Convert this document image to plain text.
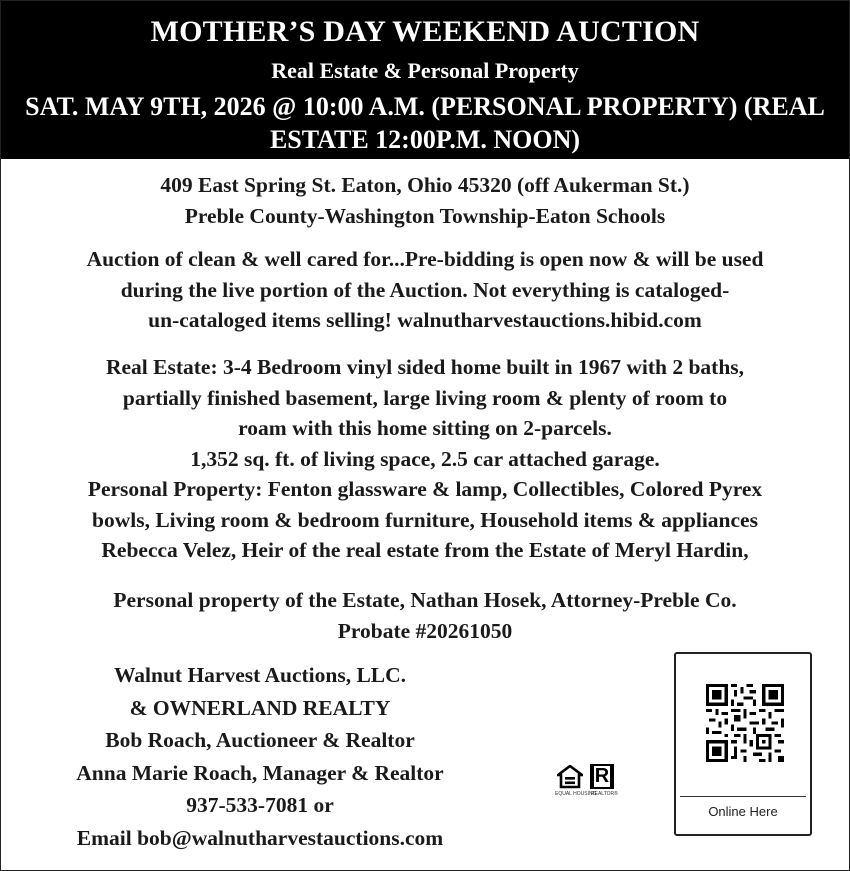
MOTHER’S DAY WEEKEND AUCTION
Real Estate & Personal Property
SAT. MAY 9TH, 2026 @ 10:00 A.M. (PERSONAL PROPERTY) (REAL
ESTATE 12:00P.M. NOON)
409 East Spring St. Eaton, Ohio 45320 (off Aukerman St.)
Preble County-Washington Township-Eaton Schools
Auction of clean & well cared for...Pre-bidding is open now & will be used
during the live portion of the Auction. Not everything is cataloged-
un-cataloged items selling! walnutharvestauctions.hibid.com
Real Estate: 3-4 Bedroom vinyl sided home built in 1967 with 2 baths,
partially finished basement, large living room & plenty of room to
roam with this home sitting on 2-parcels.
1,352 sq. ft. of living space, 2.5 car attached garage.
Personal Property: Fenton glassware & lamp, Collectibles, Colored Pyrex
bowls, Living room & bedroom furniture, Household items & appliances
Rebecca Velez, Heir of the real estate from the Estate of Meryl Hardin,
Personal property of the Estate, Nathan Hosek, Attorney-Preble Co.
Probate #20261050
Walnut Harvest Auctions, LLC.
& OWNERLAND REALTY
Bob Roach, Auctioneer & Realtor
Anna Marie Roach, Manager & Realtor
937-533-7081 or
Email bob@walnutharvestauctions.com
R
EQUAL HOUSING
REALTOR®
Online Here
